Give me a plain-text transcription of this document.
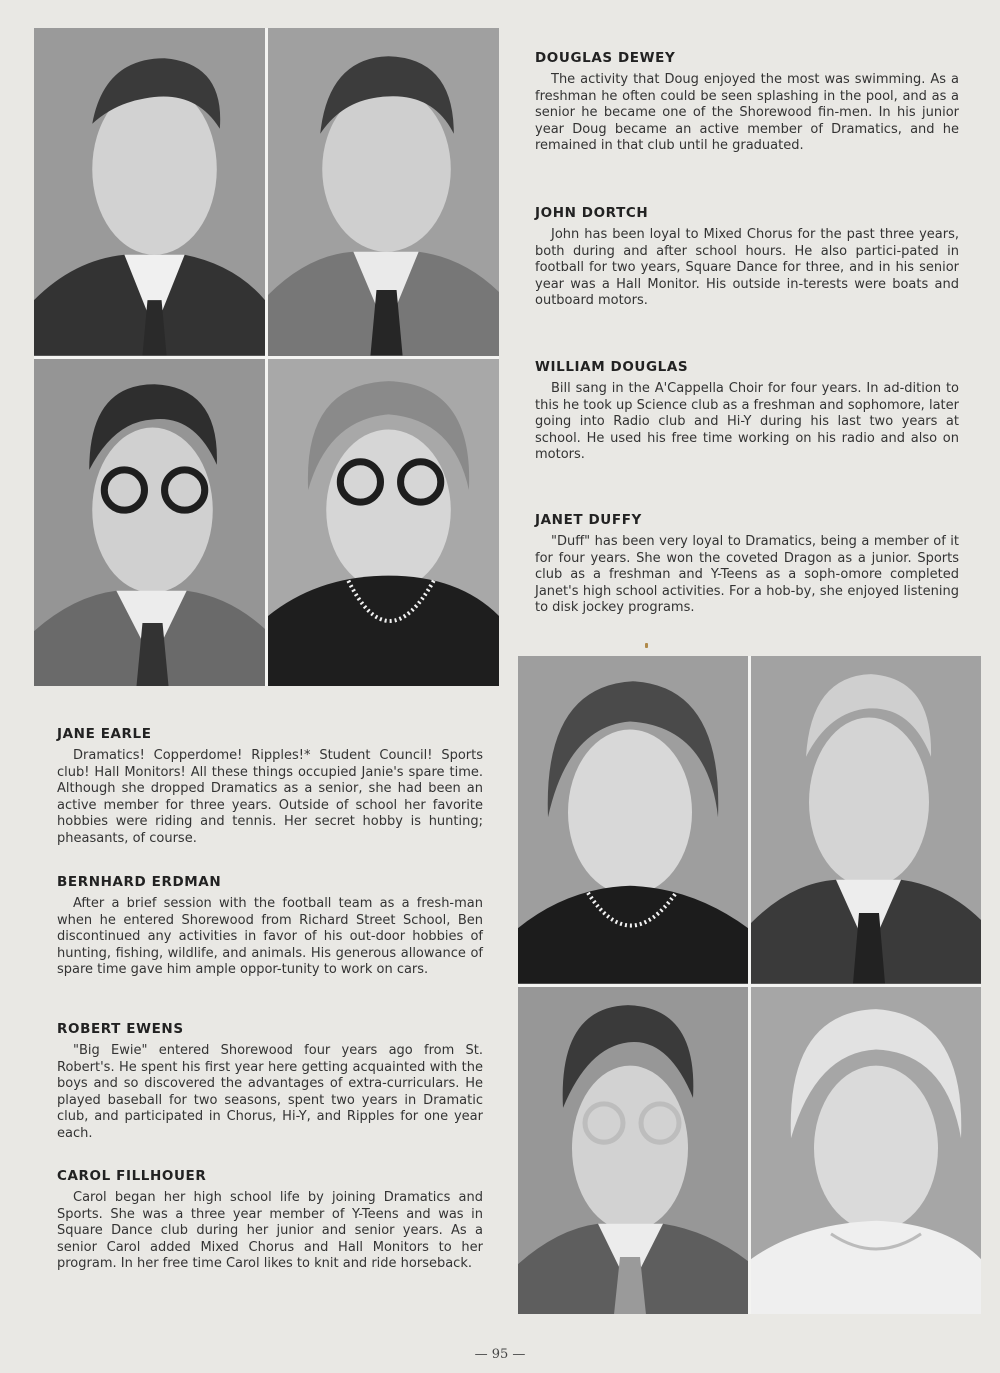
DOUGLAS DEWEY

The activity that Doug enjoyed the most was swimming. As a freshman he often could be seen splashing in the pool, and as a senior he became one of the Shorewood fin-men. In his junior year Doug became an active member of Dramatics, and he remained in that club until he graduated.

JOHN DORTCH

John has been loyal to Mixed Chorus for the past three years, both during and after school hours. He also partici-pated in football for two years, Square Dance for three, and in his senior year was a Hall Monitor. His outside in-terests were boats and outboard motors.

WILLIAM DOUGLAS

Bill sang in the A'Cappella Choir for four years. In ad-dition to this he took up Science club as a freshman and sophomore, later going into Radio club and Hi-Y during his last two years at school. He used his free time working on his radio and also on motors.

JANET DUFFY

"Duff" has been very loyal to Dramatics, being a member of it for four years. She won the coveted Dragon as a junior. Sports club as a freshman and Y-Teens as a soph-omore completed Janet's high school activities. For a hob-by, she enjoyed listening to disk jockey programs.

JANE EARLE

Dramatics! Copperdome! Ripples!* Student Council! Sports club! Hall Monitors! All these things occupied Janie's spare time. Although she dropped Dramatics as a senior, she had been an active member for three years. Outside of school her favorite hobbies were riding and tennis. Her secret hobby is hunting; pheasants, of course.

BERNHARD ERDMAN

After a brief session with the football team as a fresh-man when he entered Shorewood from Richard Street School, Ben discontinued any activities in favor of his out-door hobbies of hunting, fishing, wildlife, and animals. His generous allowance of spare time gave him ample oppor-tunity to work on cars.

ROBERT EWENS

"Big Ewie" entered Shorewood four years ago from St. Robert's. He spent his first year here getting acquainted with the boys and so discovered the advantages of extra-curriculars. He played baseball for two seasons, spent two years in Dramatic club, and participated in Chorus, Hi-Y, and Ripples for one year each.

CAROL FILLHOUER

Carol began her high school life by joining Dramatics and Sports. She was a three year member of Y-Teens and was in Square Dance club during her junior and senior years. As a senior Carol added Mixed Chorus and Hall Monitors to her program. In her free time Carol likes to knit and ride horseback.

— 95 —
